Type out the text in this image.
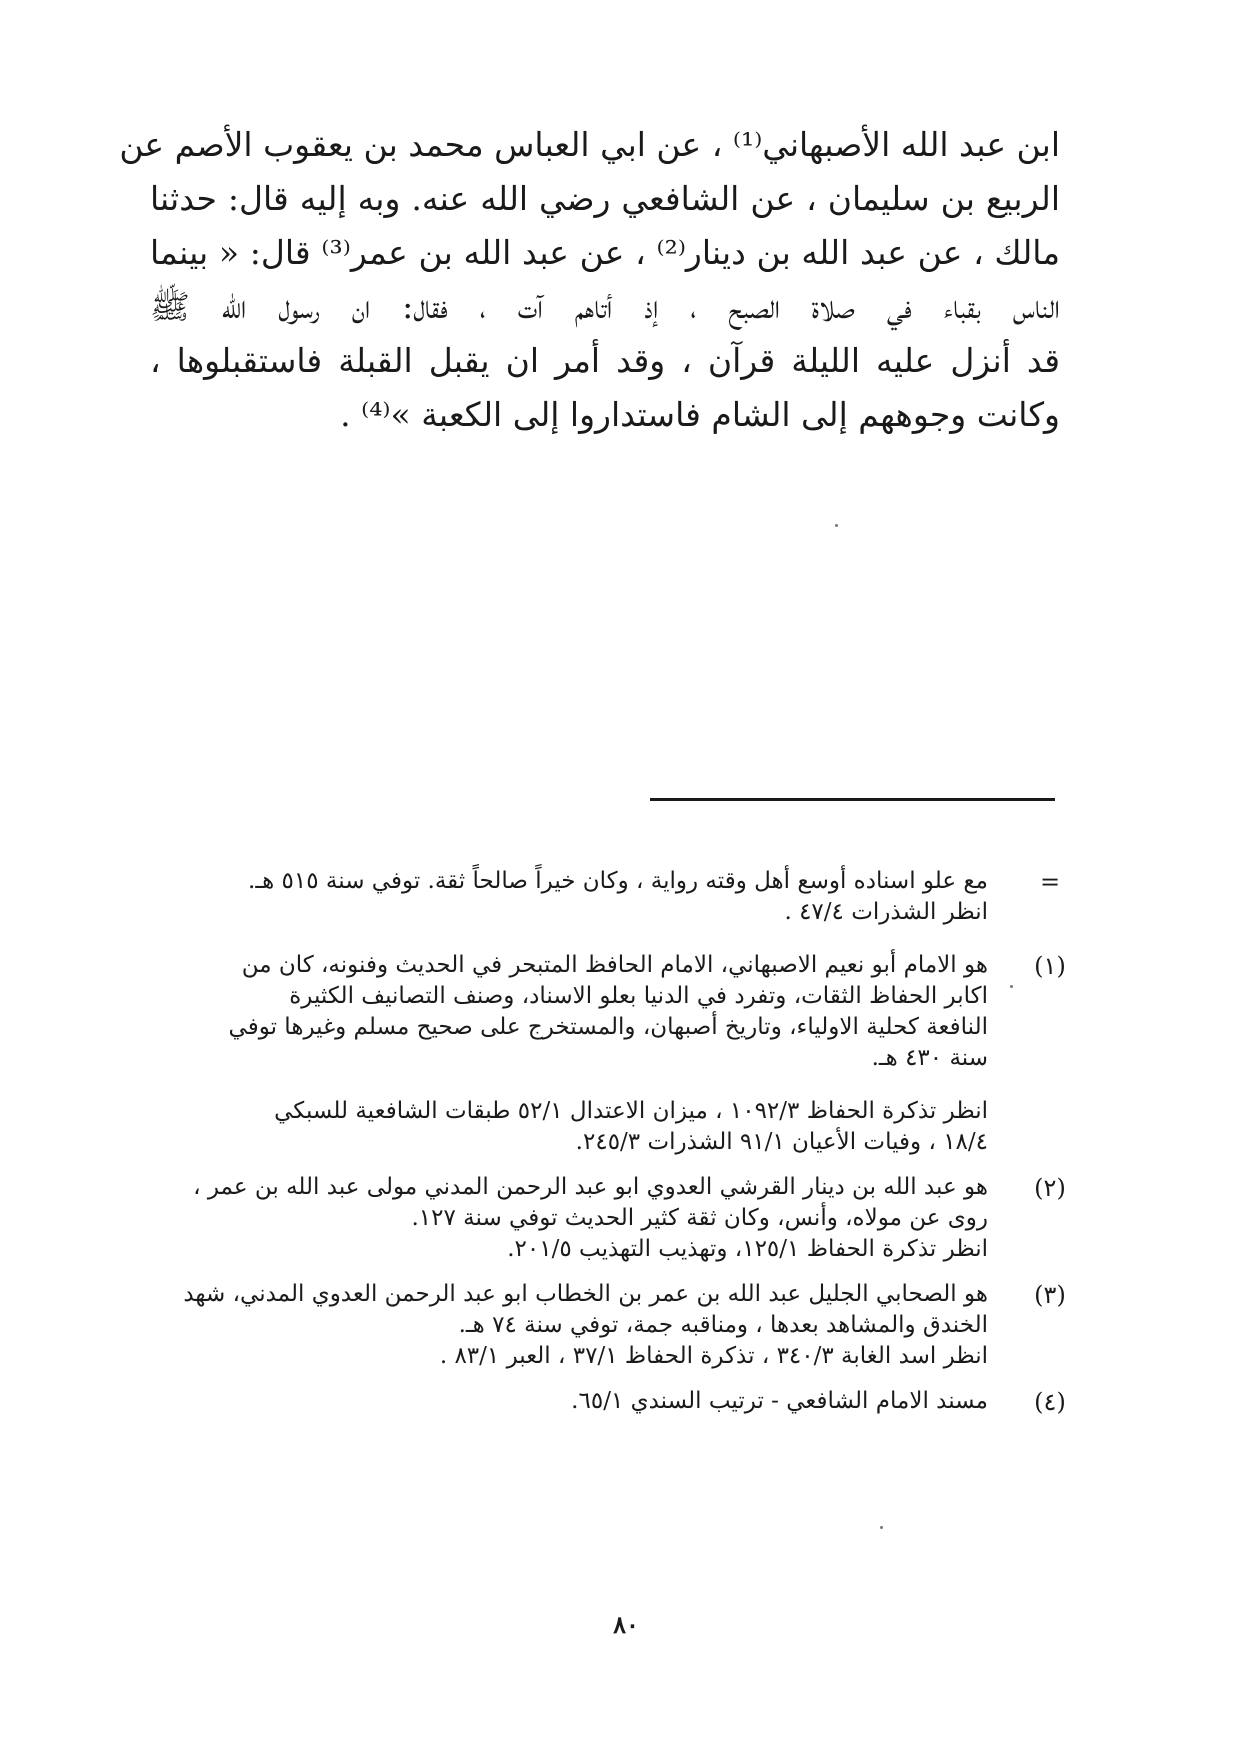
ابن عبد الله الأصبهاني⁽¹⁾ ، عن ابي العباس محمد بن يعقوب الأصم عن
الربيع بن سليمان ، عن الشافعي رضي الله عنه. وبه إليه قال: حدثنا
مالك ، عن عبد الله بن دينار⁽²⁾ ، عن عبد الله بن عمر⁽³⁾ قال: « بينما
الناس بقباء في صلاة الصبح ، إذ أتاهم آت ، فقال: ان رسول الله ﷺ
قد أنزل عليه الليلة قرآن ، وقد أمر ان يقبل القبلة فاستقبلوها ،
وكانت وجوههم إلى الشام فاستداروا إلى الكعبة »⁽⁴⁾ .
=
مع علو اسناده أوسع أهل وقته رواية ، وكان خيراً صالحاً ثقة. توفي سنة ٥١٥ هـ.
انظر الشذرات ٤٧/٤ .
(١)
هو الامام أبو نعيم الاصبهاني، الامام الحافظ المتبحر في الحديث وفنونه، كان من
اكابر الحفاظ الثقات، وتفرد في الدنيا بعلو الاسناد، وصنف التصانيف الكثيرة
النافعة كحلية الاولياء، وتاريخ أصبهان، والمستخرج على صحيح مسلم وغيرها توفي
سنة ٤٣٠ هـ.
انظر تذكرة الحفاظ ١٠٩٢/٣ ، ميزان الاعتدال ٥٢/١ طبقات الشافعية للسبكي
١٨/٤ ، وفيات الأعيان ٩١/١ الشذرات ٢٤٥/٣.
(٢)
هو عبد الله بن دينار القرشي العدوي ابو عبد الرحمن المدني مولى عبد الله بن عمر ،
روى عن مولاه، وأنس، وكان ثقة كثير الحديث توفي سنة ١٢٧.
انظر تذكرة الحفاظ ١٢٥/١، وتهذيب التهذيب ٢٠١/٥.
(٣)
هو الصحابي الجليل عبد الله بن عمر بن الخطاب ابو عبد الرحمن العدوي المدني، شهد
الخندق والمشاهد بعدها ، ومناقبه جمة، توفي سنة ٧٤ هـ.
انظر اسد الغابة ٣٤٠/٣ ، تذكرة الحفاظ ٣٧/١ ، العبر ٨٣/١ .
(٤)
مسند الامام الشافعي - ترتيب السندي ٦٥/١.
٨٠
